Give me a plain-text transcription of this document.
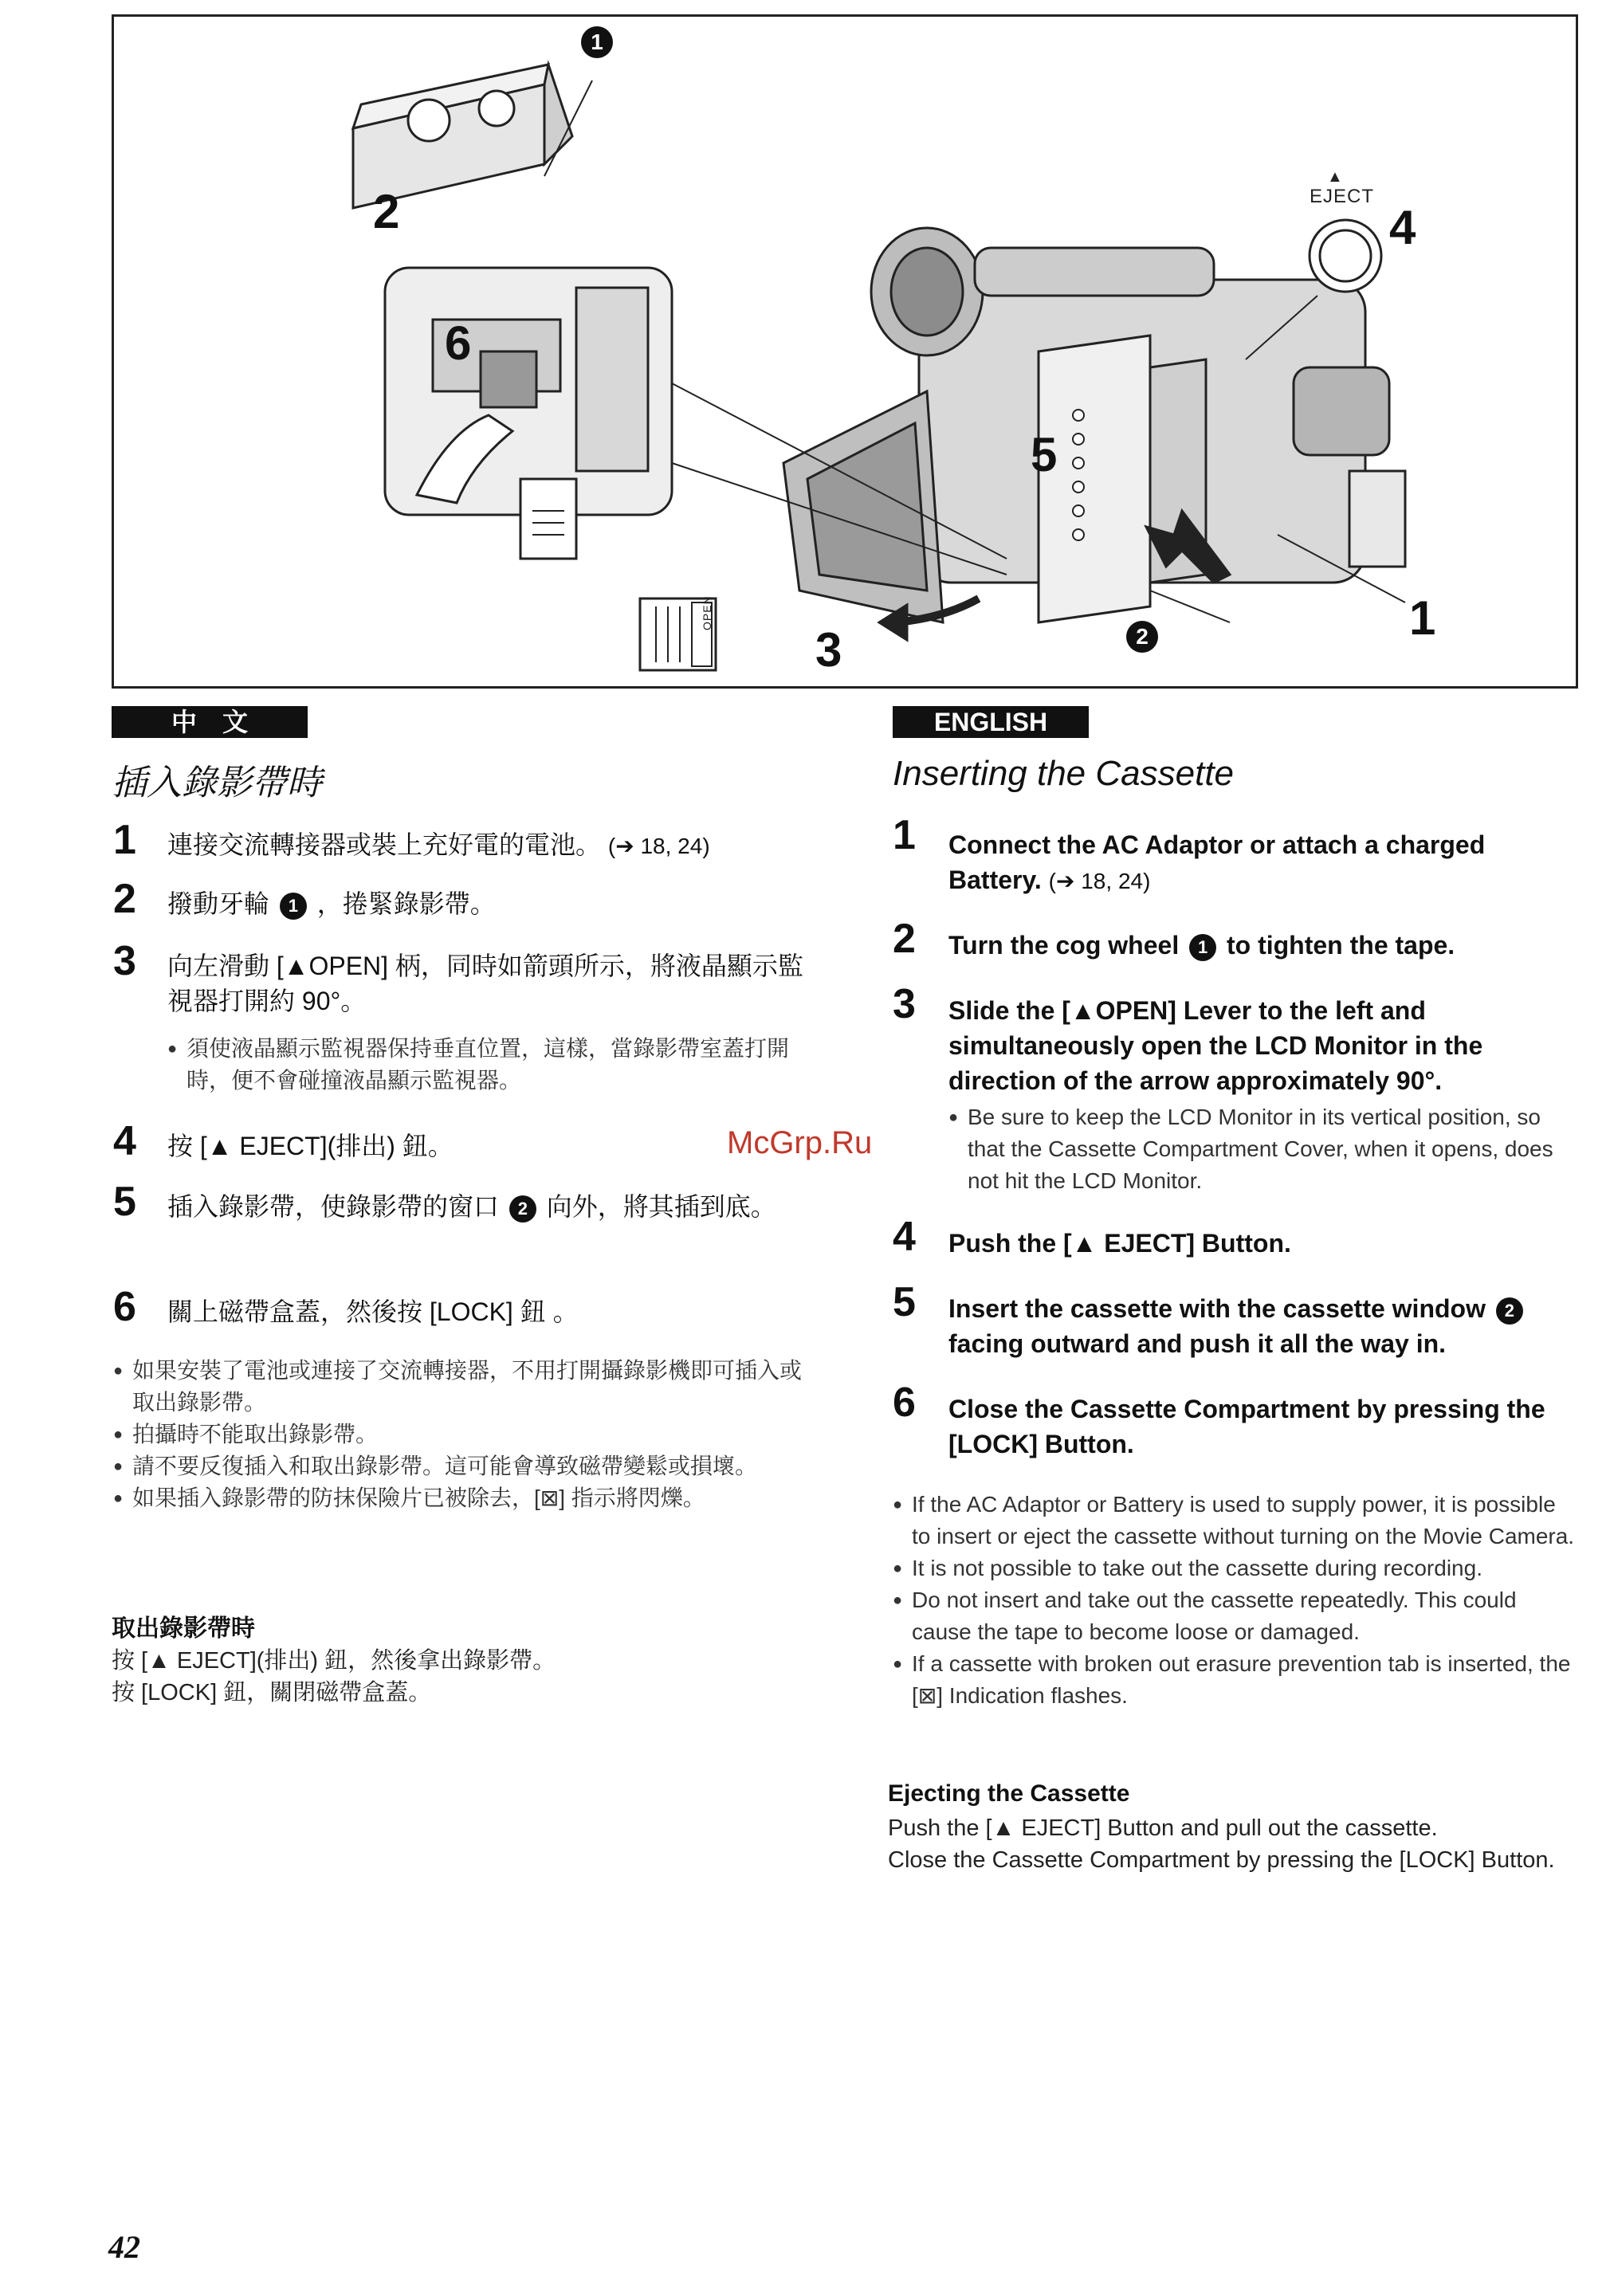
2
3
4
5
6
1
1
2
▲
EJECT
OPEN
中　文
插入錄影帶時
1 連接交流轉接器或裝上充好電的電池。 (➔ 18, 24)
2 撥動牙輪 1 ，捲緊錄影帶。
3 向左滑動 [▲OPEN] 柄，同時如箭頭所示，將液晶顯示監視器打開約 90°。

● 須使液晶顯示監視器保持垂直位置，這樣，當錄影帶室蓋打開時，便不會碰撞液晶顯示監視器。

4 按 [▲ EJECT](排出) 鈕。
5 插入錄影帶，使錄影帶的窗口 2 向外，將其插到底。
6 關上磁帶盒蓋，然後按 [LOCK] 鈕 。

● 如果安裝了電池或連接了交流轉接器，不用打開攝錄影機即可插入或取出錄影帶。

● 拍攝時不能取出錄影帶。

● 請不要反復插入和取出錄影帶。這可能會導致磁帶變鬆或損壞。

● 如果插入錄影帶的防抹保險片已被除去，[⊠] 指示將閃爍。

取出錄影帶時
按 [▲ EJECT](排出) 鈕，然後拿出錄影帶。
按 [LOCK] 鈕，關閉磁帶盒蓋。
ENGLISH
Inserting the Cassette
1 Connect the AC Adaptor or attach a charged Battery. (➔ 18, 24)
2 Turn the cog wheel 1 to tighten the tape.
3 Slide the [▲OPEN] Lever to the left and simultaneously open the LCD Monitor in the direction of the arrow approximately 90°.

● Be sure to keep the LCD Monitor in its vertical position, so that the Cassette Compartment Cover, when it opens, does not hit the LCD Monitor.

4 Push the [▲ EJECT] Button.
5 Insert the cassette with the cassette window 2 facing outward and push it all the way in.
6 Close the Cassette Compartment by pressing the [LOCK] Button.

● If the AC Adaptor or Battery is used to supply power, it is possible to insert or eject the cassette without turning on the Movie Camera.

● It is not possible to take out the cassette during recording.

● Do not insert and take out the cassette repeatedly. This could cause the tape to become loose or damaged.

● If a cassette with broken out erasure prevention tab is inserted, the [⊠] Indication flashes.

Ejecting the Cassette
Push the [▲ EJECT] Button and pull out the cassette.
Close the Cassette Compartment by pressing the [LOCK] Button.
McGrp.Ru
42
